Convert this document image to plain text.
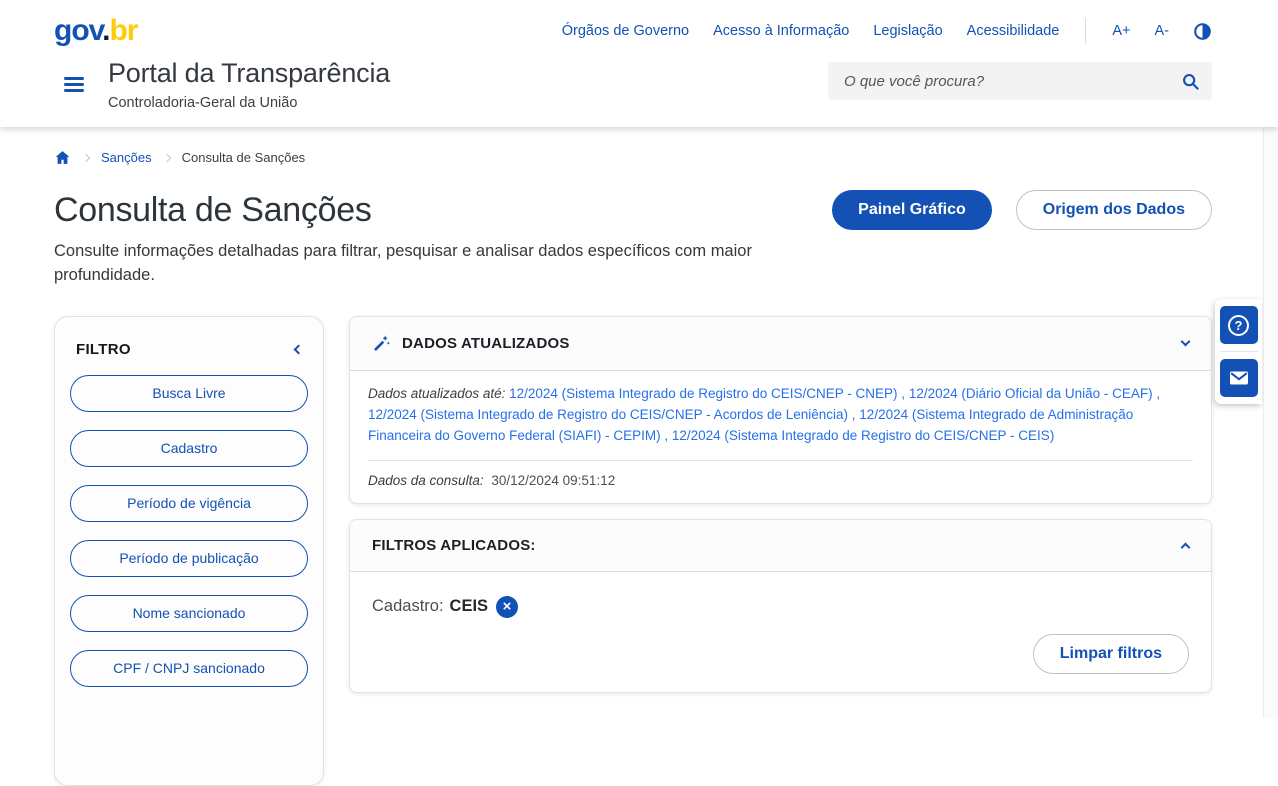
gov.br	Órgãos de Governo Acesso à Informação Legislação Acessibilidade	A+ A-
Portal da Transparência
Controladoria-Geral da União
O que você procura?
Sanções Consulta de Sanções
Consulta de Sanções	Painel Gráfico	Origem dos Dados

Consulte informações detalhadas para filtrar, pesquisar e analisar dados específicos com maior profundidade.

FILTRO
Busca Livre
Cadastro
Período de vigência
Período de publicação
Nome sancionado
CPF / CNPJ sancionado
DADOS ATUALIZADOS

Dados atualizados até: 12/2024 (Sistema Integrado de Registro do CEIS/CNEP - CNEP) , 12/2024 (Diário Oficial da União - CEAF) , 12/2024 (Sistema Integrado de Registro do CEIS/CNEP - Acordos de Leniência) , 12/2024 (Sistema Integrado de Administração Financeira do Governo Federal (SIAFI) - CEPIM) , 12/2024 (Sistema Integrado de Registro do CEIS/CNEP - CEIS)

Dados da consulta: 30/12/2024 09:51:12
FILTROS APLICADOS:
Cadastro: CEIS ×
Limpar filtros
?
